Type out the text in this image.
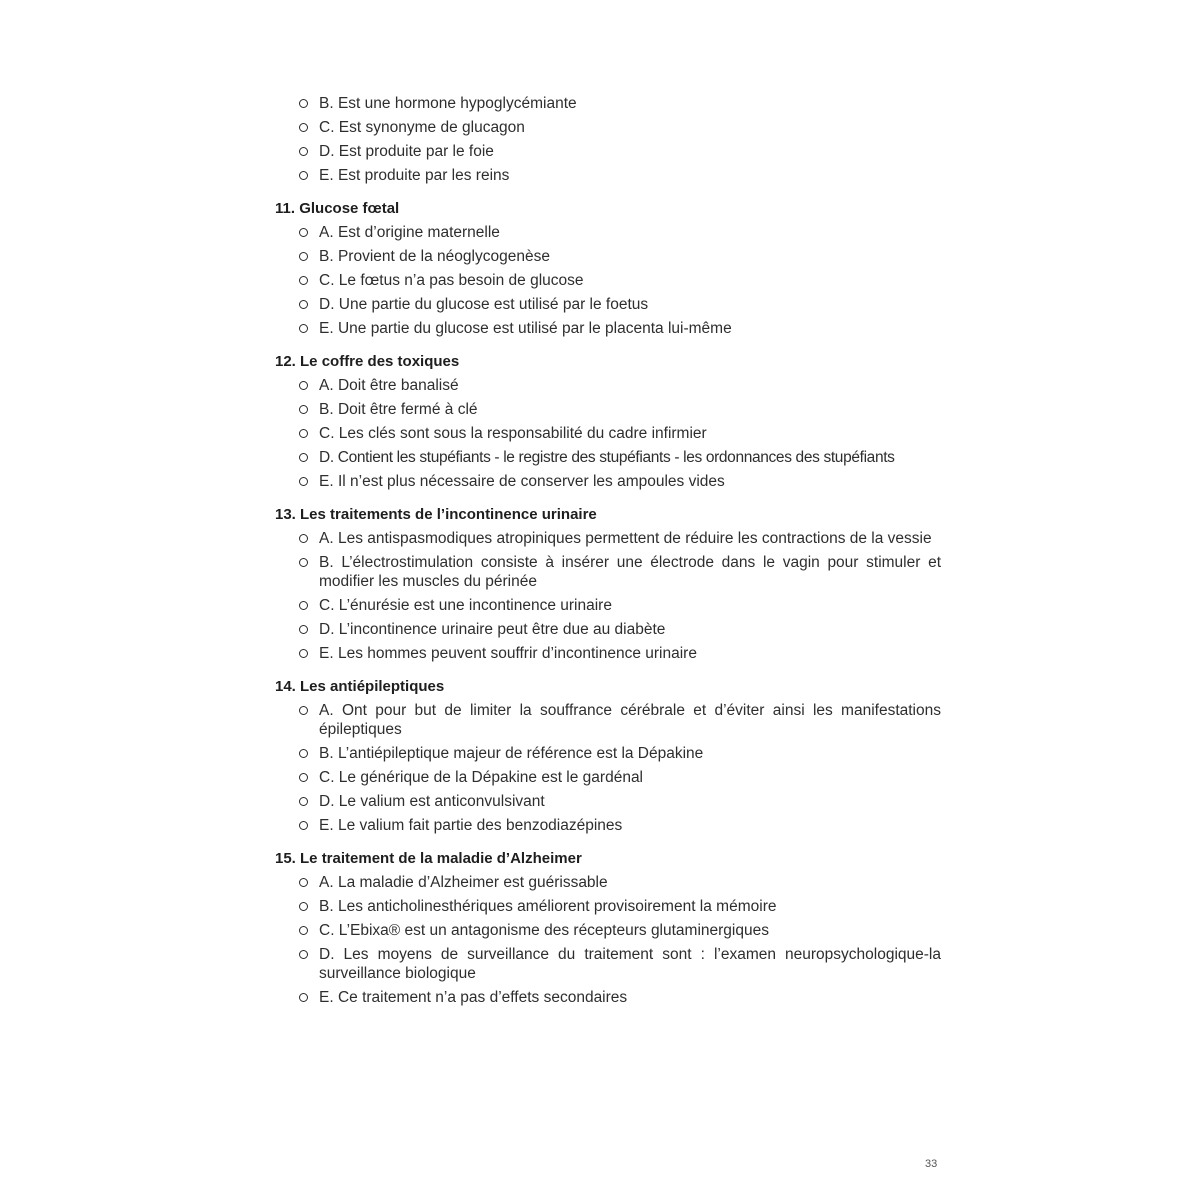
B. Est une hormone hypoglycémiante
C. Est synonyme de glucagon
D. Est produite par le foie
E. Est produite par les reins
11. Glucose fœtal
A. Est d’origine maternelle
B. Provient de la néoglycogenèse
C. Le fœtus n’a pas besoin de glucose
D. Une partie du glucose est utilisé par le foetus
E. Une partie du glucose est utilisé par le placenta lui-même
12. Le coffre des toxiques
A. Doit être banalisé
B. Doit être fermé à clé
C. Les clés sont sous la responsabilité du cadre infirmier
D. Contient les stupéfiants - le registre des stupéfiants - les ordonnances des stupéfiants
E. Il n’est plus nécessaire de conserver les ampoules vides
13. Les traitements de l’incontinence urinaire
A. Les antispasmodiques atropiniques permettent de réduire les contractions de la vessie
B. L’électrostimulation consiste à insérer une électrode dans le vagin pour stimuler et modifier les muscles du périnée
C. L’énurésie est une incontinence urinaire
D. L’incontinence urinaire peut être due au diabète
E. Les hommes peuvent souffrir d’incontinence urinaire
14. Les antiépileptiques
A. Ont pour but de limiter la souffrance cérébrale et d’éviter ainsi les manifestations épileptiques
B. L’antiépileptique majeur de référence est la Dépakine
C. Le générique de la Dépakine est le gardénal
D. Le valium est anticonvulsivant
E. Le valium fait partie des benzodiazépines
15. Le traitement de la maladie d’Alzheimer
A. La maladie d’Alzheimer est guérissable
B. Les anticholinesthériques améliorent provisoirement la mémoire
C. L’Ebixa® est un antagonisme des récepteurs glutaminergiques
D. Les moyens de surveillance du traitement sont : l’examen neuropsychologique-la surveillance biologique
E. Ce traitement n’a pas d’effets secondaires
33
